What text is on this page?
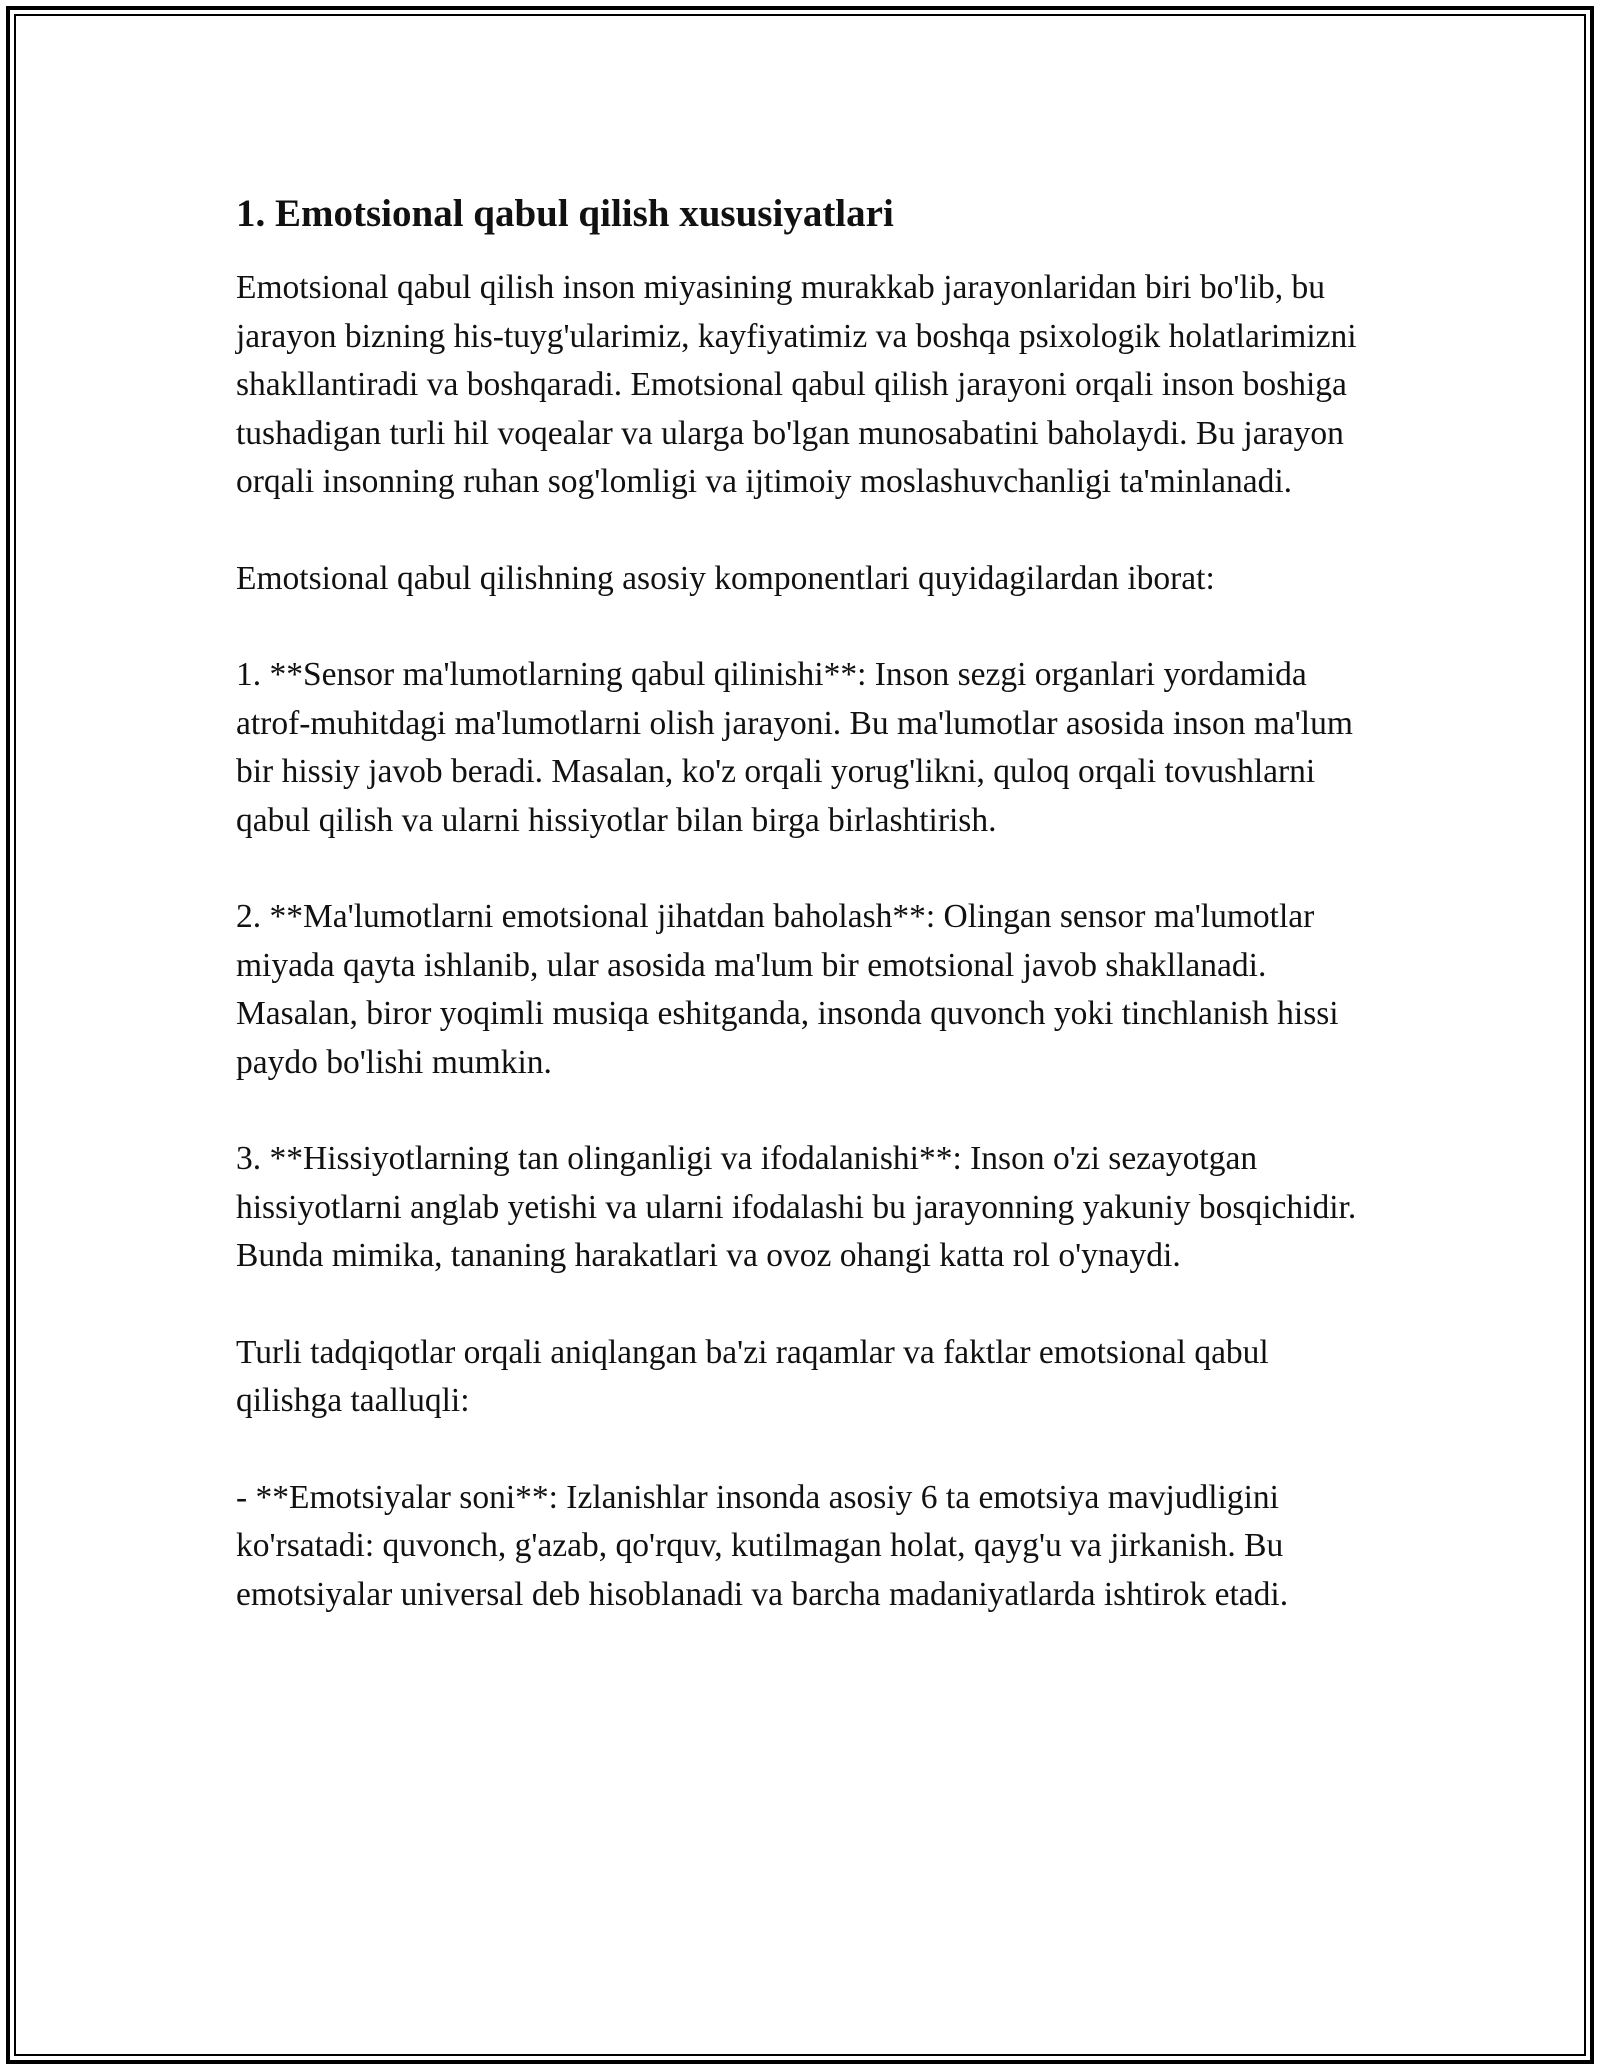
1. Emotsional qabul qilish xususiyatlari

Emotsional qabul qilish inson miyasining murakkab jarayonlaridan biri bo'lib, bu jarayon bizning his-tuyg'ularimiz, kayfiyatimiz va boshqa psixologik holatlarimizni shakllantiradi va boshqaradi. Emotsional qabul qilish jarayoni orqali inson boshiga tushadigan turli hil voqealar va ularga bo'lgan munosabatini baholaydi. Bu jarayon orqali insonning ruhan sog'lomligi va ijtimoiy moslashuvchanligi ta'minlanadi.

Emotsional qabul qilishning asosiy komponentlari quyidagilardan iborat:

1. **Sensor ma'lumotlarning qabul qilinishi**: Inson sezgi organlari yordamida atrof-muhitdagi ma'lumotlarni olish jarayoni. Bu ma'lumotlar asosida inson ma'lum bir hissiy javob beradi. Masalan, ko'z orqali yorug'likni, quloq orqali tovushlarni qabul qilish va ularni hissiyotlar bilan birga birlashtirish.

2. **Ma'lumotlarni emotsional jihatdan baholash**: Olingan sensor ma'lumotlar miyada qayta ishlanib, ular asosida ma'lum bir emotsional javob shakllanadi. Masalan, biror yoqimli musiqa eshitganda, insonda quvonch yoki tinchlanish hissi paydo bo'lishi mumkin.

3. **Hissiyotlarning tan olinganligi va ifodalanishi**: Inson o'zi sezayotgan hissiyotlarni anglab yetishi va ularni ifodalashi bu jarayonning yakuniy bosqichidir. Bunda mimika, tananing harakatlari va ovoz ohangi katta rol o'ynaydi.

Turli tadqiqotlar orqali aniqlangan ba'zi raqamlar va faktlar emotsional qabul qilishga taalluqli:

- **Emotsiyalar soni**: Izlanishlar insonda asosiy 6 ta emotsiya mavjudligini ko'rsatadi: quvonch, g'azab, qo'rquv, kutilmagan holat, qayg'u va jirkanish. Bu emotsiyalar universal deb hisoblanadi va barcha madaniyatlarda ishtirok etadi.
